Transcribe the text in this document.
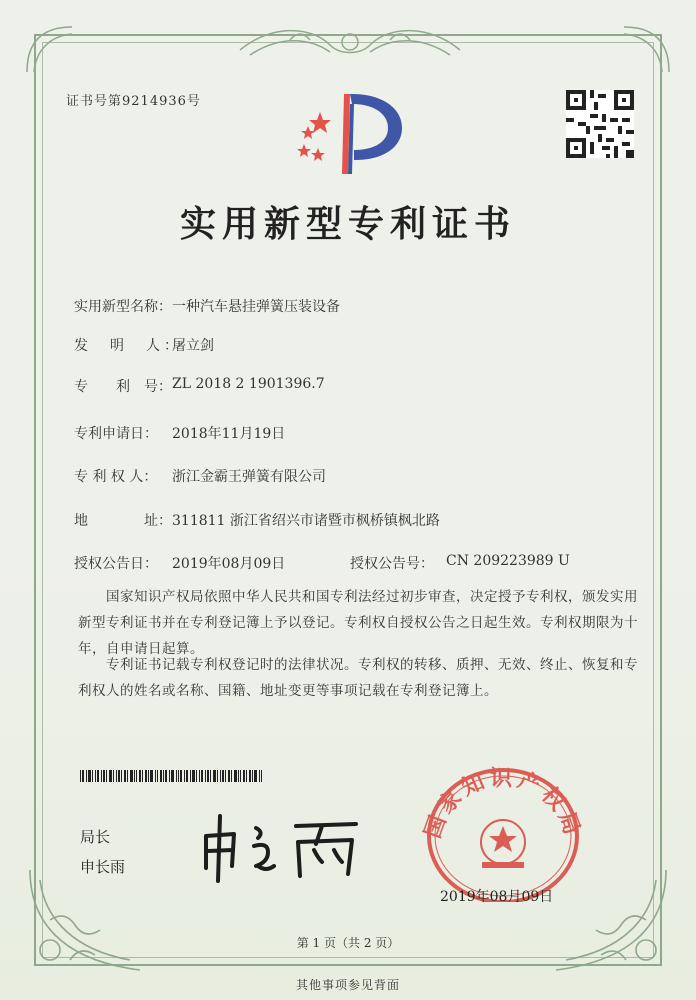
证书号第9214936号
实用新型专利证书
实用新型名称： 一种汽车悬挂弹簧压装设备
发　明　人：
屠立剑
专　　利　号： ZL 2018 2 1901396.7
专利申请日： 2018年11月19日
专 利 权 人： 浙江金霸王弹簧有限公司
地　　　　址： 311811 浙江省绍兴市诸暨市枫桥镇枫北路
授权公告日： 2019年08月09日	授权公告号： CN 209223989 U
国家知识产权局依照中华人民共和国专利法经过初步审查，决定授予专利权，颁发实用新型专利证书并在专利登记簿上予以登记。专利权自授权公告之日起生效。专利权期限为十年，自申请日起算。
专利证书记载专利权登记时的法律状况。专利权的转移、质押、无效、终止、恢复和专利权人的姓名或名称、国籍、地址变更等事项记载在专利登记簿上。
局长
申长雨
国家知识产权局
2019年08月09日
第 1 页（共 2 页）
其他事项参见背面
